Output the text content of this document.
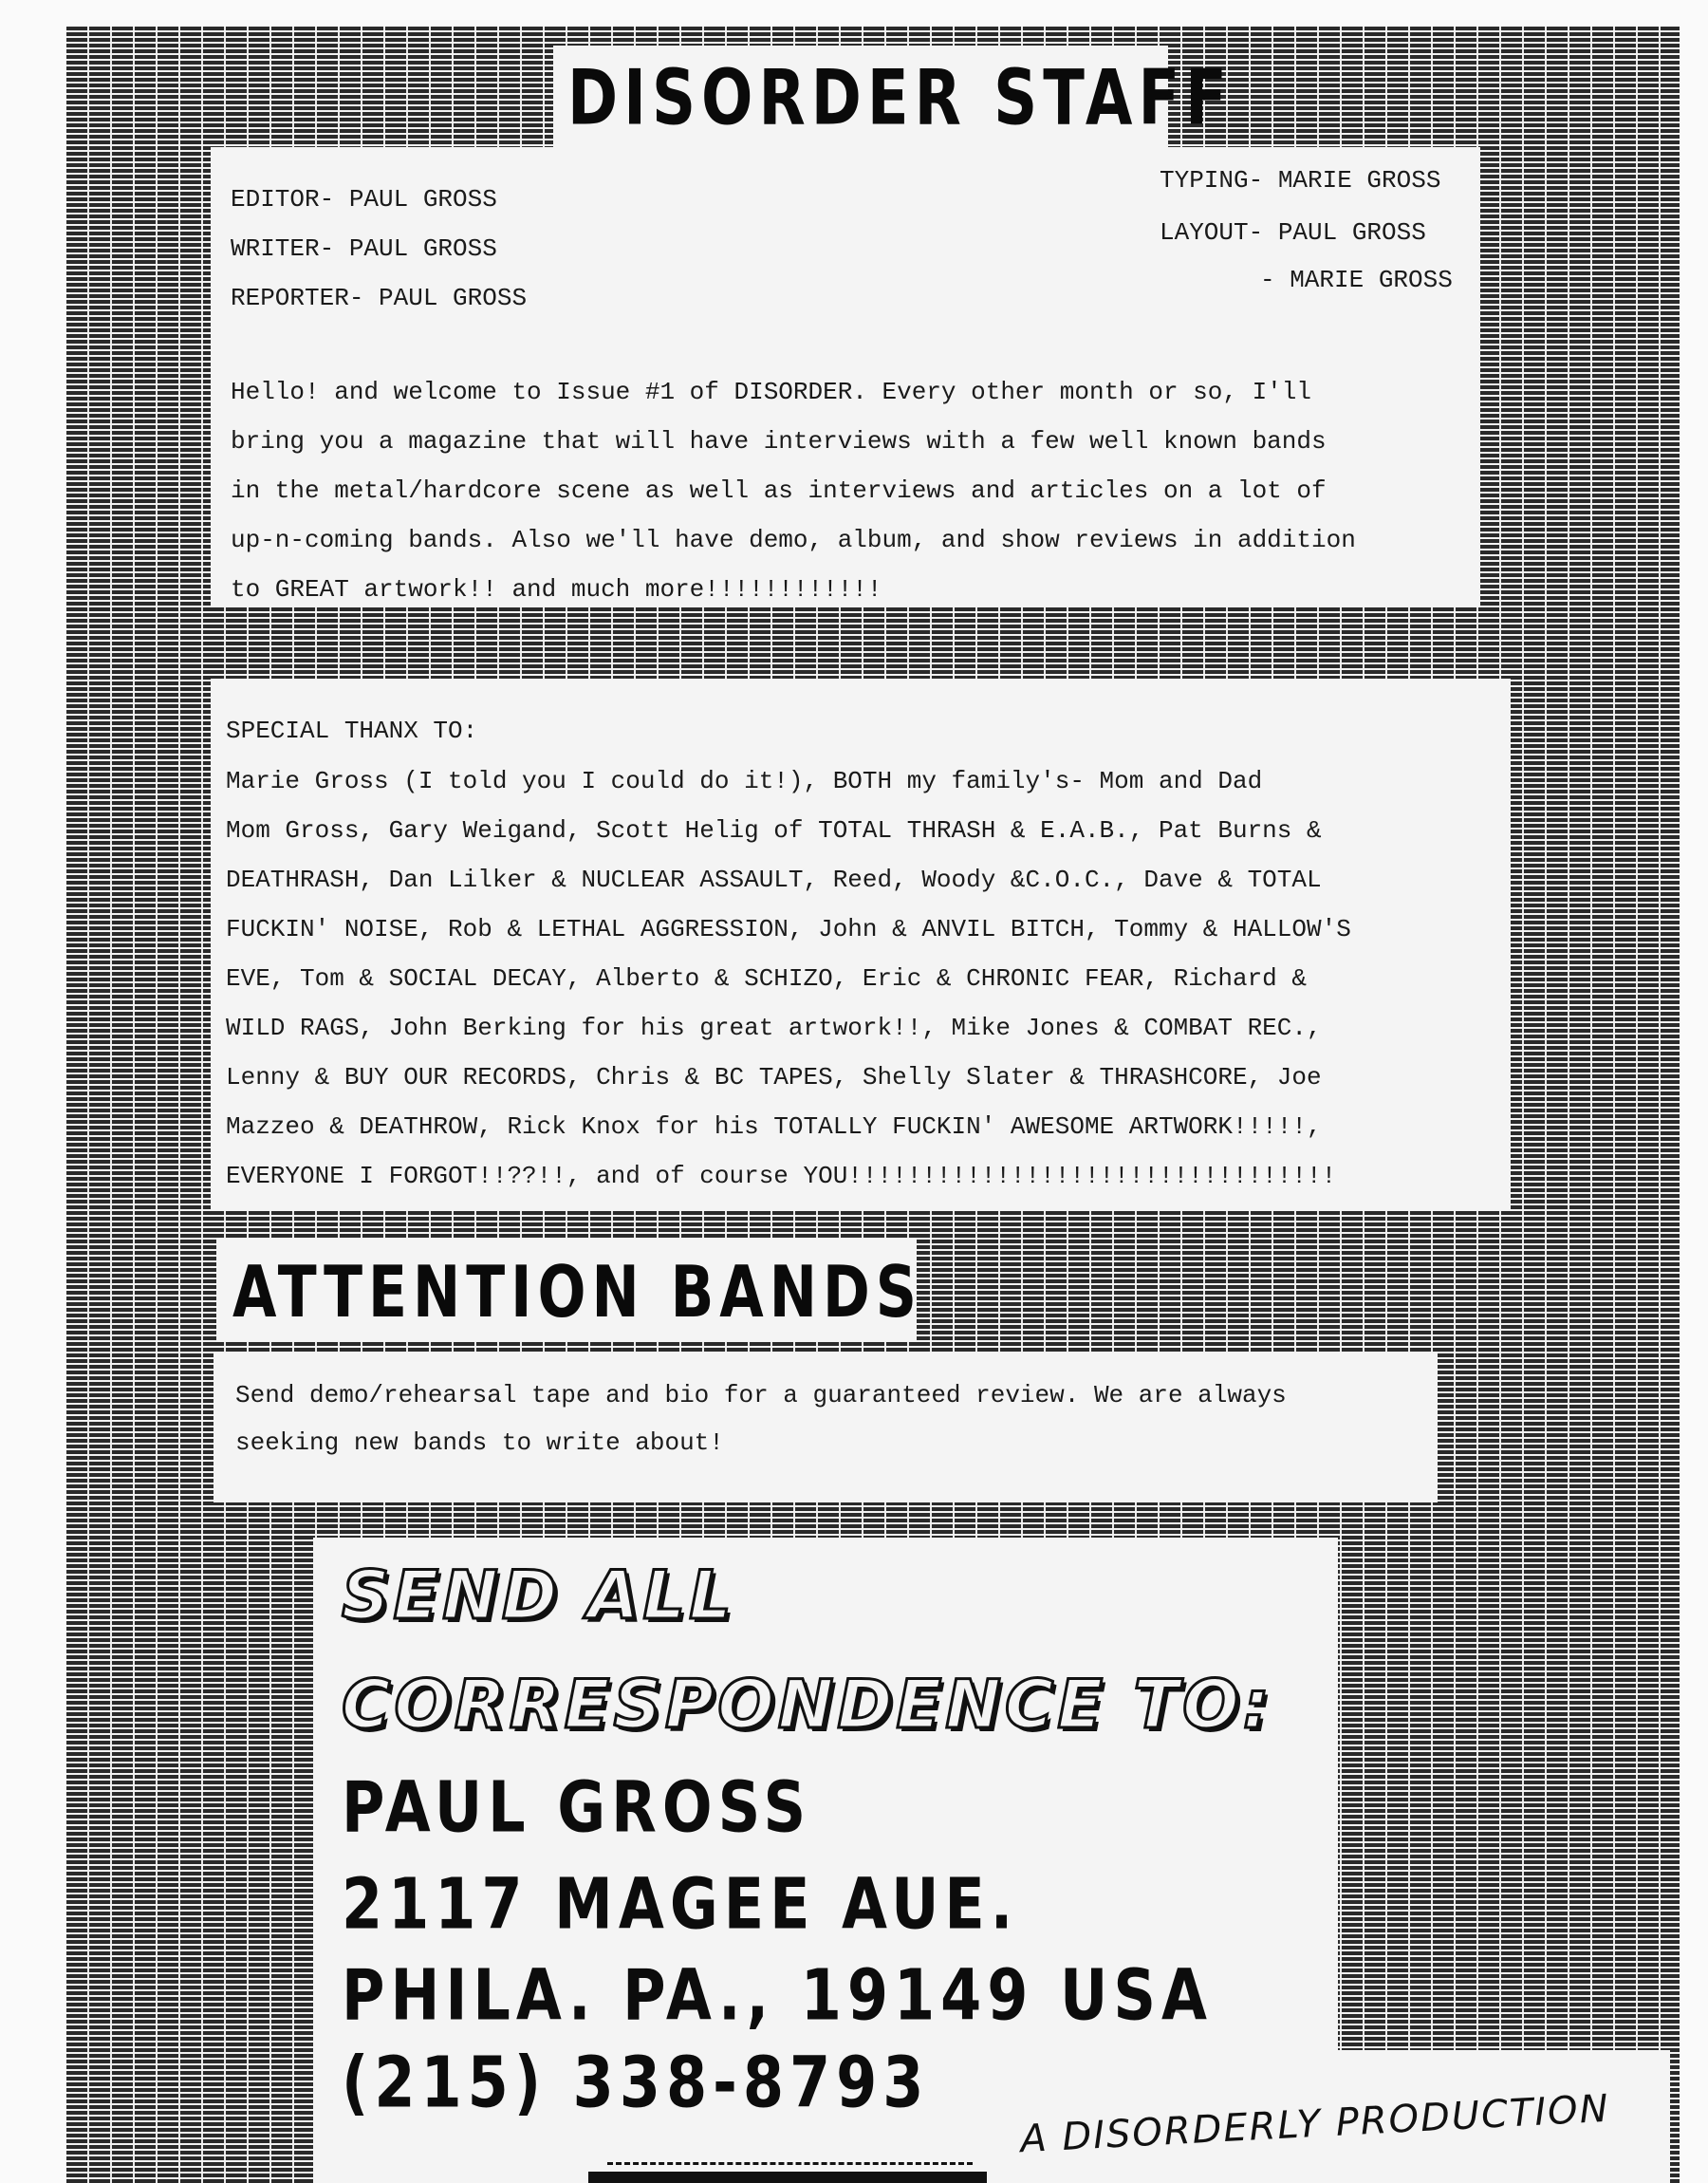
DISORDER STAFF
EDITOR- PAUL GROSS
WRITER- PAUL GROSS
REPORTER- PAUL GROSS
TYPING- MARIE GROSS
LAYOUT- PAUL GROSS
- MARIE GROSS
Hello! and welcome to Issue #1 of DISORDER. Every other month or so, I'll
bring you a magazine that will have interviews with a few well known bands
in the metal/hardcore scene as well as interviews and articles on a lot of
up-n-coming bands. Also we'll have demo, album, and show reviews in addition
to GREAT artwork!! and much more!!!!!!!!!!!!
SPECIAL THANX TO:
Marie Gross (I told you I could do it!), BOTH my family's- Mom and Dad
Mom Gross, Gary Weigand, Scott Helig of TOTAL THRASH & E.A.B., Pat Burns &
DEATHRASH, Dan Lilker & NUCLEAR ASSAULT, Reed, Woody &C.O.C., Dave & TOTAL
FUCKIN' NOISE, Rob & LETHAL AGGRESSION, John & ANVIL BITCH, Tommy & HALLOW'S
EVE, Tom & SOCIAL DECAY, Alberto & SCHIZO, Eric & CHRONIC FEAR, Richard &
WILD RAGS, John Berking for his great artwork!!, Mike Jones & COMBAT REC.,
Lenny & BUY OUR RECORDS, Chris & BC TAPES, Shelly Slater & THRASHCORE, Joe
Mazzeo & DEATHROW, Rick Knox for his TOTALLY FUCKIN' AWESOME ARTWORK!!!!!,
EVERYONE I FORGOT!!??!!, and of course YOU!!!!!!!!!!!!!!!!!!!!!!!!!!!!!!!!!
ATTENTION BANDS
Send demo/rehearsal tape and bio for a guaranteed review. We are always
seeking new bands to write about!
SEND ALL
CORRESPONDENCE TO:
PAUL GROSS
2117 MAGEE AUE.
PHILA. PA., 19149 USA
(215) 338-8793
A DISORDERLY PRODUCTION
